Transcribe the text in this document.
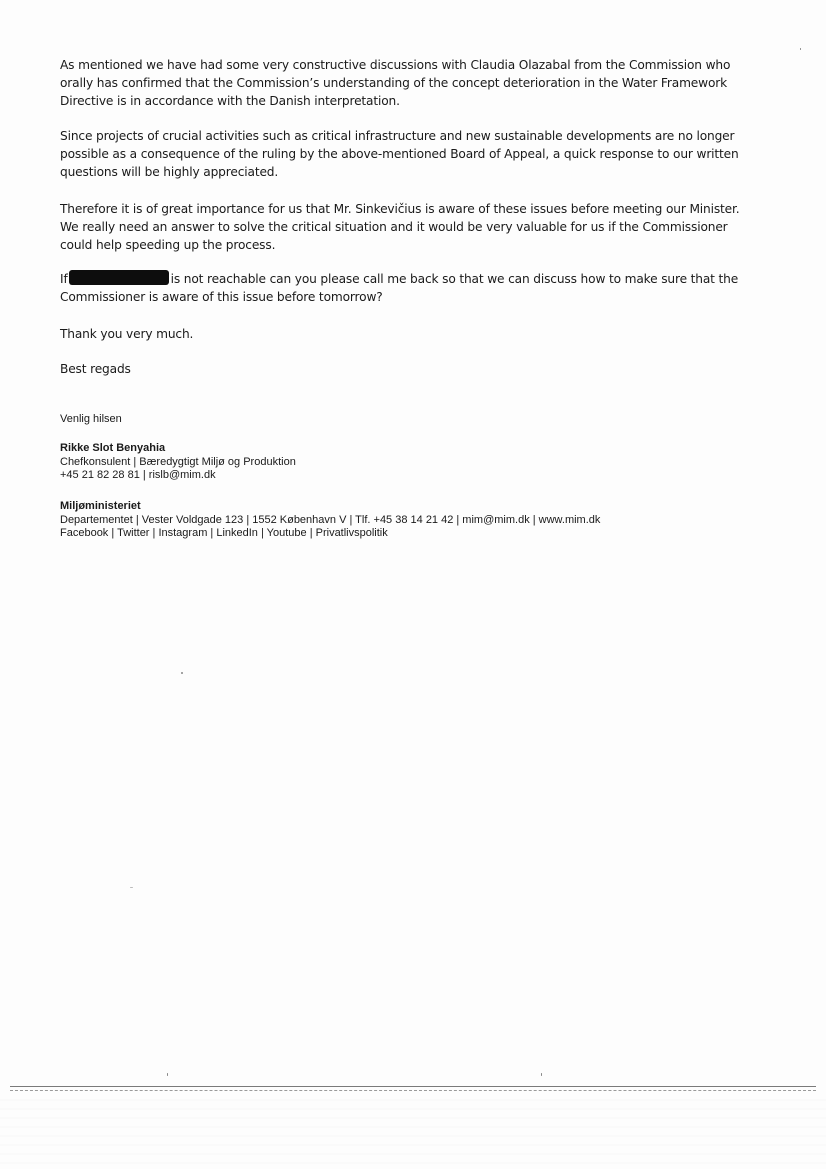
As mentioned we have had some very constructive discussions with Claudia Olazabal from the Commission who orally has confirmed that the Commission’s understanding of the concept deterioration in the Water Framework Directive is in accordance with the Danish interpretation.

Since projects of crucial activities such as critical infrastructure and new sustainable developments are no longer possible as a consequence of the ruling by the above-mentioned Board of Appeal, a quick response to our written questions will be highly appreciated.

Therefore it is of great importance for us that Mr. Sinkevičius is aware of these issues before meeting our Minister. We really need an answer to solve the critical situation and it would be very valuable for us if the Commissioner could help speeding up the process.

If	is not reachable can you please call me back so that we can discuss how to make sure that the Commissioner is aware of this issue before tomorrow?

Thank you very much.

Best regads

Venlig hilsen
Rikke Slot Benyahia
Chefkonsulent | Bæredygtigt Miljø og Produktion
+45 21 82 28 81 | rislb@mim.dk
Miljøministeriet
Departementet | Vester Voldgade 123 | 1552 København V | Tlf. +45 38 14 21 42 | mim@mim.dk | www.mim.dk
Facebook | Twitter | Instagram | LinkedIn | Youtube | Privatlivspolitik
